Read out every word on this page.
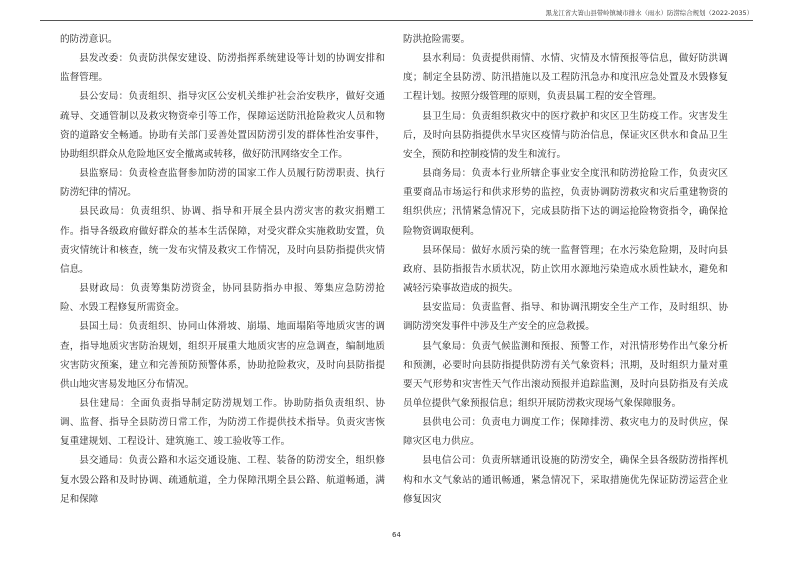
黑龙江省大箐山县带岭镇城市排水（雨水）防涝综合规划（2022-2035）

的防涝意识。

县发改委：负责防洪保安建设、防涝指挥系统建设等计划的协调安排和监督管理。

县公安局：负责组织、指导灾区公安机关维护社会治安秩序，做好交通疏导、交通管制以及救灾物资牵引等工作，保障运送防汛抢险救灾人员和物资的道路安全畅通。协助有关部门妥善处置因防涝引发的群体性治安事件，协助组织群众从危险地区安全撤离或转移，做好防汛网络安全工作。

县监察局：负责检查监督参加防涝的国家工作人员履行防涝职责、执行防涝纪律的情况。

县民政局：负责组织、协调、指导和开展全县内涝灾害的救灾捐赠工作。指导各级政府做好群众的基本生活保障，对受灾群众实施救助安置，负责灾情统计和核查，统一发布灾情及救灾工作情况，及时向县防指提供灾情信息。

县财政局：负责筹集防涝资金，协同县防指办申报、筹集应急防涝抢险、水毁工程修复所需资金。

县国土局：负责组织、协同山体滑坡、崩塌、地面塌陷等地质灾害的调查，指导地质灾害防治规划，组织开展重大地质灾害的应急调查，编制地质灾害防灾预案，建立和完善预防预警体系，协助抢险救灾，及时向县防指提供山地灾害易发地区分布情况。

县住建局：全面负责指导制定防涝规划工作。协助防指负责组织、协调、监督、指导全县防涝日常工作，为防涝工作提供技术指导。负责灾害恢复重建规划、工程设计、建筑施工、竣工验收等工作。

县交通局：负责公路和水运交通设施、工程、装备的防涝安全，组织修复水毁公路和及时协调、疏通航道，全力保障汛期全县公路、航道畅通，满足和保障

防洪抢险需要。

县水利局：负责提供雨情、水情、灾情及水情预报等信息，做好防洪调度；制定全县防涝、防汛措施以及工程防汛急办和度汛应急处置及水毁修复工程计划。按照分级管理的原则，负责县属工程的安全管理。

县卫生局：负责组织救灾中的医疗救护和灾区卫生防疫工作。灾害发生后，及时向县防指提供水旱灾区疫情与防治信息，保证灾区供水和食品卫生安全，预防和控制疫情的发生和流行。

县商务局：负责本行业所辖企事业安全度汛和防涝抢险工作，负责灾区重要商品市场运行和供求形势的监控，负责协调防涝救灾和灾后重建物资的组织供应；汛情紧急情况下，完成县防指下达的调运抢险物资指令，确保抢险物资调取便利。

县环保局：做好水质污染的统一监督管理；在水污染危险期，及时向县政府、县防指报告水质状况，防止饮用水源地污染造成水质性缺水，避免和减轻污染事故造成的损失。

县安监局：负责监督、指导、和协调汛期安全生产工作，及时组织、协调防涝突发事件中涉及生产安全的应急救援。

县气象局：负责气候监测和预报、预警工作，对汛情形势作出气象分析和预测，必要时向县防指提供防涝有关气象资料；汛期，及时组织力量对重要天气形势和灾害性天气作出滚动预报并追踪监测，及时向县防指及有关成员单位提供气象预报信息；组织开展防涝救灾现场气象保障服务。

县供电公司：负责电力调度工作；保障排涝、救灾电力的及时供应，保障灾区电力供应。

县电信公司：负责所辖通讯设施的防涝安全，确保全县各级防涝指挥机构和水文气象站的通讯畅通，紧急情况下，采取措施优先保证防涝运营企业修复因灾

64
